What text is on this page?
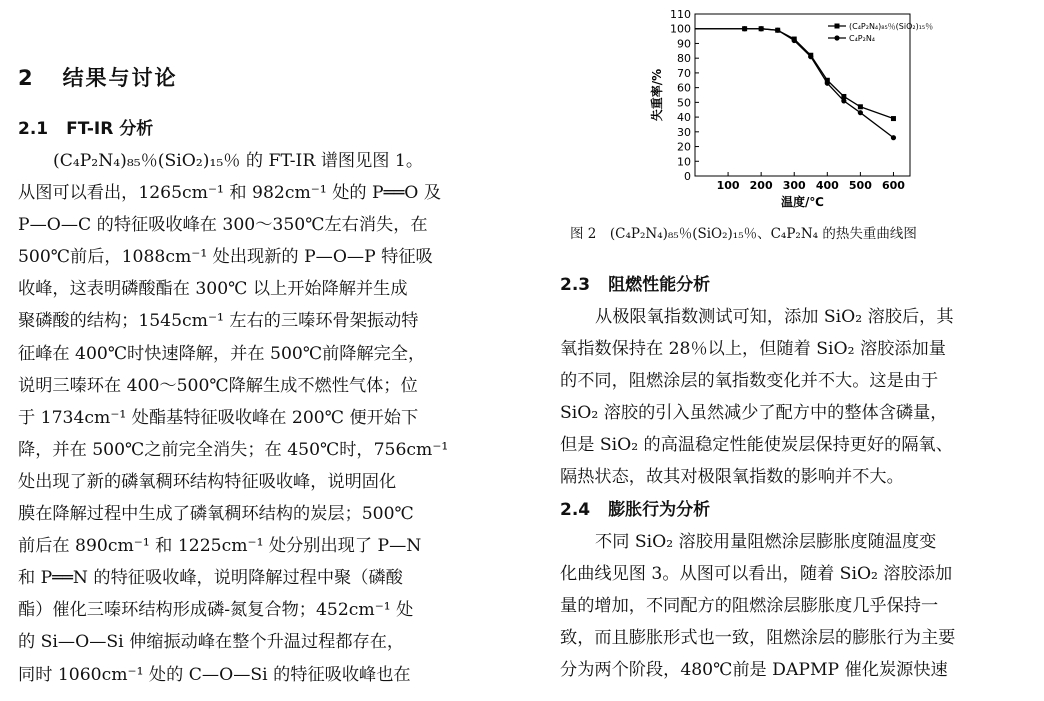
2 结果与讨论
2.1 FT-IR 分析

(C₄P₂N₄)₈₅％(SiO₂)₁₅％ 的 FT-IR 谱图见图 1。
从图可以看出，1265cm⁻¹ 和 982cm⁻¹ 处的 P══O 及
P—O—C 的特征吸收峰在 300～350℃左右消失，在
500℃前后，1088cm⁻¹ 处出现新的 P—O—P 特征吸
收峰，这表明磷酸酯在 300℃ 以上开始降解并生成
聚磷酸的结构；1545cm⁻¹ 左右的三嗪环骨架振动特
征峰在 400℃时快速降解，并在 500℃前降解完全，
说明三嗪环在 400～500℃降解生成不燃性气体；位
于 1734cm⁻¹ 处酯基特征吸收峰在 200℃ 便开始下
降，并在 500℃之前完全消失；在 450℃时，756cm⁻¹
处出现了新的磷氧稠环结构特征吸收峰，说明固化
膜在降解过程中生成了磷氧稠环结构的炭层；500℃
前后在 890cm⁻¹ 和 1225cm⁻¹ 处分别出现了 P—N
和 P══N 的特征吸收峰，说明降解过程中聚（磷酸
酯）催化三嗪环结构形成磷-氮复合物；452cm⁻¹ 处
的 Si—O—Si 伸缩振动峰在整个升温过程都存在，
同时 1060cm⁻¹ 处的 C—O—Si 的特征吸收峰也在

0
10
20
30
40
50
60
70
80
90
100
110
100 200 300 400 500 600
温度/℃
失重率/%
(C₄P₂N₄)₈₅％(SiO₂)₁₅％
C₄P₂N₄
图 2　(C₄P₂N₄)₈₅％(SiO₂)₁₅％、C₄P₂N₄ 的热失重曲线图
2.3 阻燃性能分析

从极限氧指数测试可知，添加 SiO₂ 溶胶后，其
氧指数保持在 28％以上，但随着 SiO₂ 溶胶添加量
的不同，阻燃涂层的氧指数变化并不大。这是由于
SiO₂ 溶胶的引入虽然减少了配方中的整体含磷量，
但是 SiO₂ 的高温稳定性能使炭层保持更好的隔氧、
隔热状态，故其对极限氧指数的影响并不大。

2.4 膨胀行为分析

不同 SiO₂ 溶胶用量阻燃涂层膨胀度随温度变
化曲线见图 3。从图可以看出，随着 SiO₂ 溶胶添加
量的增加，不同配方的阻燃涂层膨胀度几乎保持一
致，而且膨胀形式也一致，阻燃涂层的膨胀行为主要
分为两个阶段，480℃前是 DAPMP 催化炭源快速
